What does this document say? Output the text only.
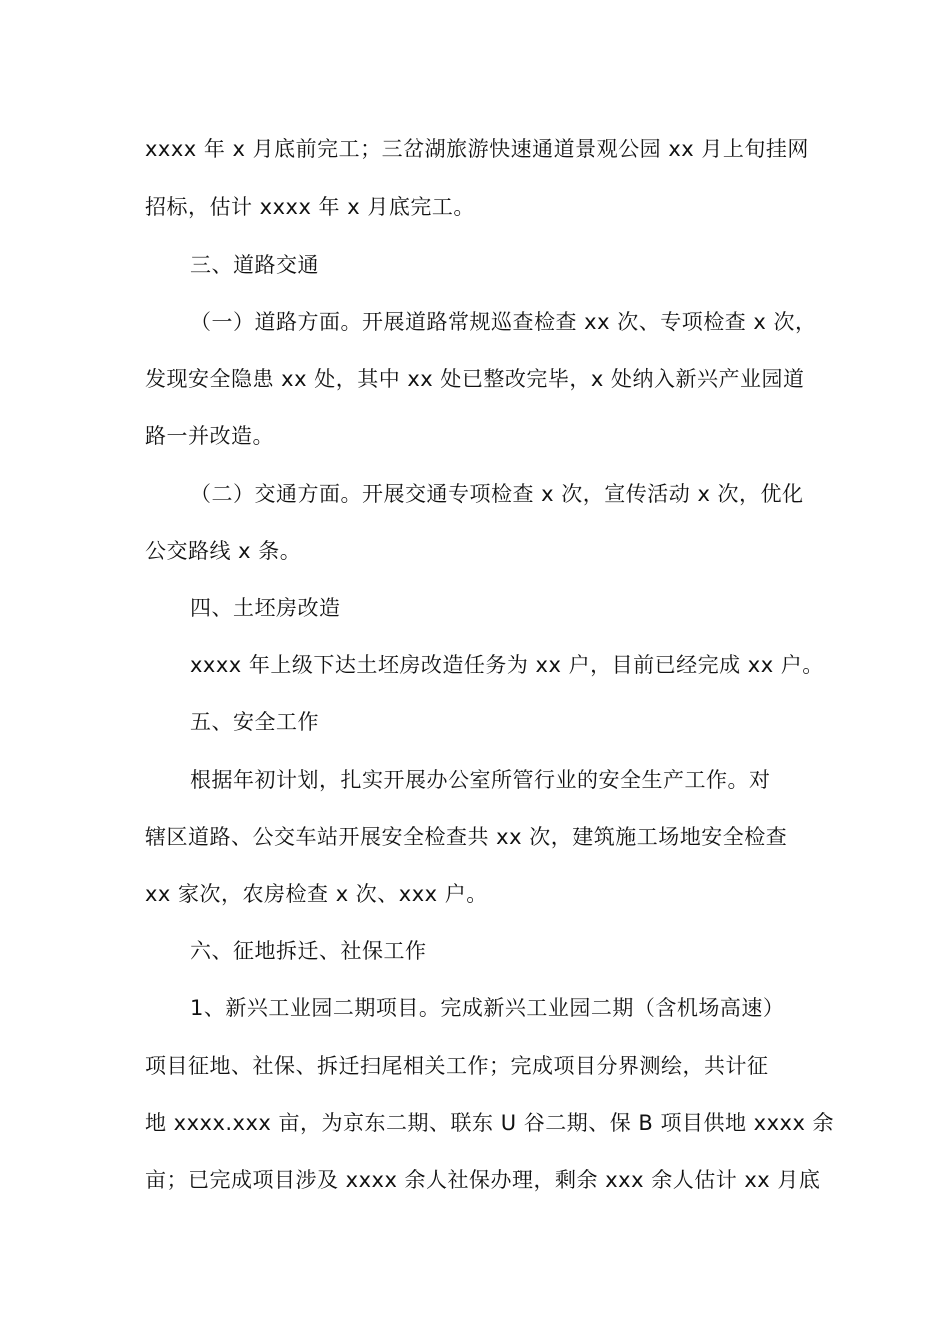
xxxx 年 x 月底前完工；三岔湖旅游快速通道景观公园 xx 月上旬挂网
招标，估计 xxxx 年 x 月底完工。
三、道路交通
（一）道路方面。开展道路常规巡查检查 xx 次、专项检查 x 次，
发现安全隐患 xx 处，其中 xx 处已整改完毕，x 处纳入新兴产业园道
路一并改造。
（二）交通方面。开展交通专项检查 x 次，宣传活动 x 次，优化
公交路线 x 条。
四、土坯房改造
xxxx 年上级下达土坯房改造任务为 xx 户，目前已经完成 xx 户。
五、安全工作
根据年初计划，扎实开展办公室所管行业的安全生产工作。对
辖区道路、公交车站开展安全检查共 xx 次，建筑施工场地安全检查
xx 家次，农房检查 x 次、xxx 户。
六、征地拆迁、社保工作
1、新兴工业园二期项目。完成新兴工业园二期（含机场高速）
项目征地、社保、拆迁扫尾相关工作；完成项目分界测绘，共计征
地 xxxx.xxx 亩，为京东二期、联东 U 谷二期、保 B 项目供地 xxxx 余
亩；已完成项目涉及 xxxx 余人社保办理，剩余 xxx 余人估计 xx 月底
